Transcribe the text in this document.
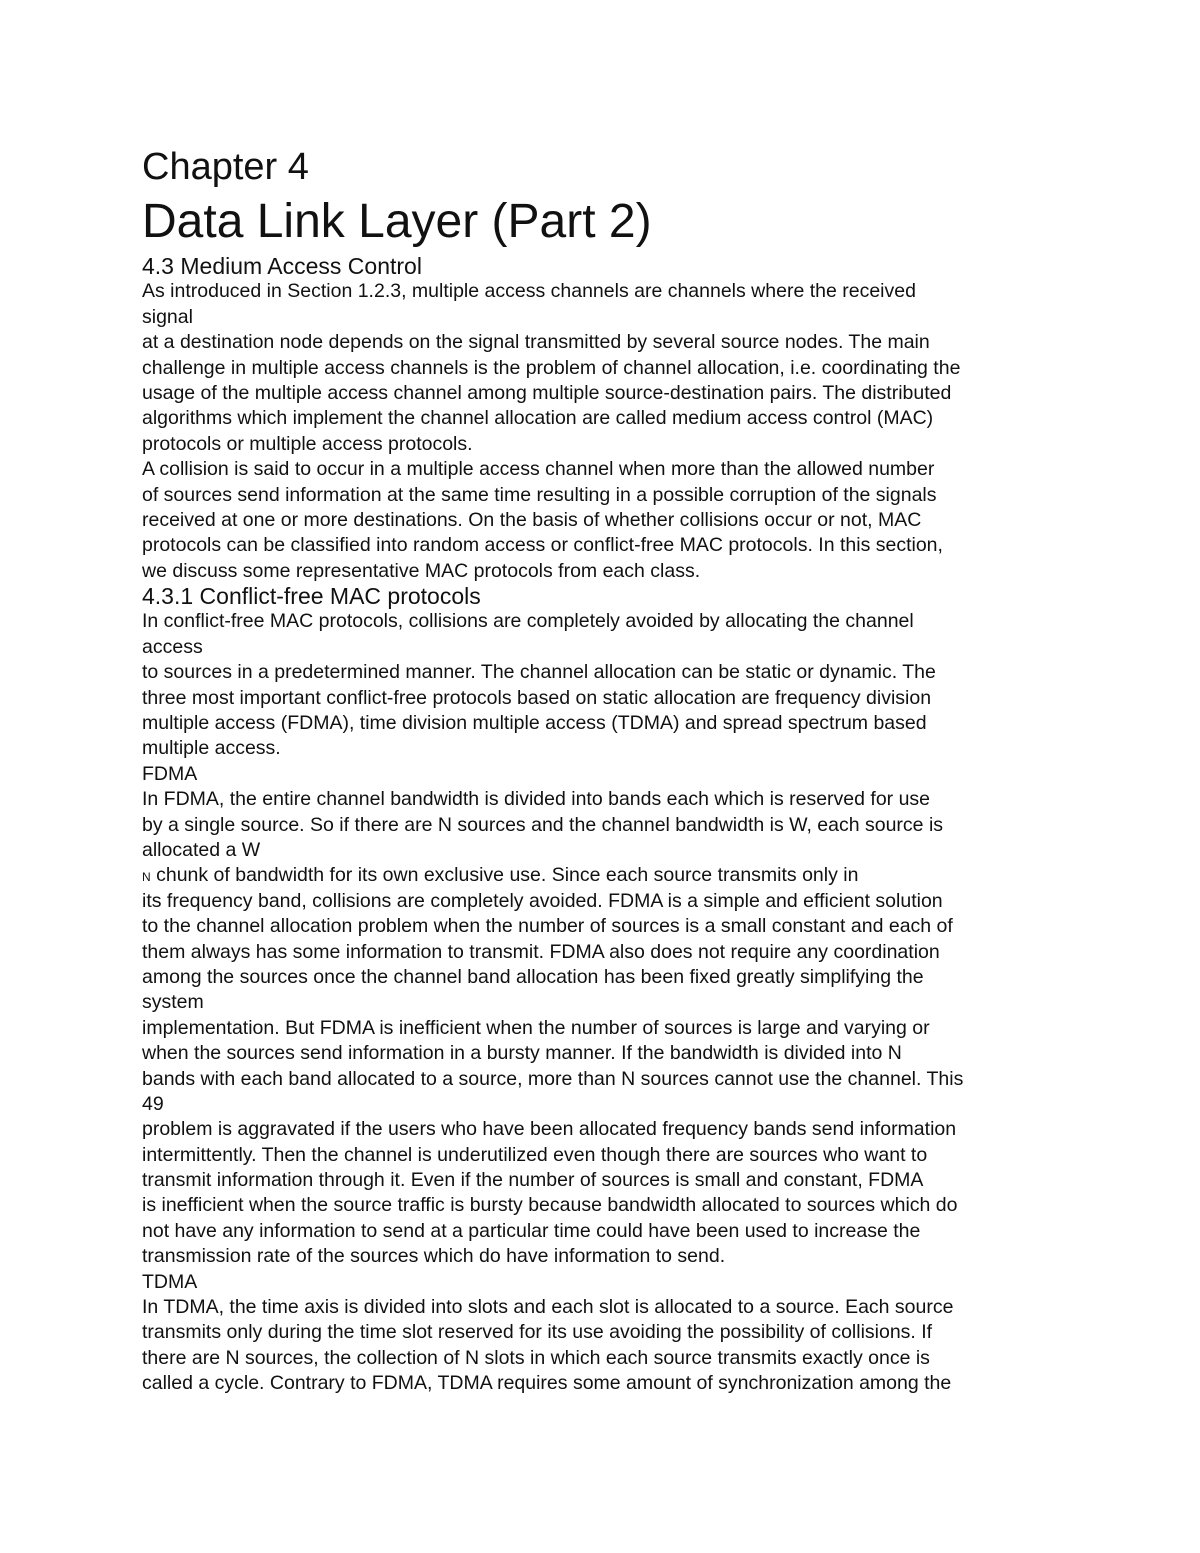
Chapter 4
Data Link Layer (Part 2)
4.3 Medium Access Control
As introduced in Section 1.2.3, multiple access channels are channels where the received
signal
at a destination node depends on the signal transmitted by several source nodes. The main
challenge in multiple access channels is the problem of channel allocation, i.e. coordinating the
usage of the multiple access channel among multiple source-destination pairs. The distributed
algorithms which implement the channel allocation are called medium access control (MAC)
protocols or multiple access protocols.
A collision is said to occur in a multiple access channel when more than the allowed number
of sources send information at the same time resulting in a possible corruption of the signals
received at one or more destinations. On the basis of whether collisions occur or not, MAC
protocols can be classified into random access or conflict-free MAC protocols. In this section,
we discuss some representative MAC protocols from each class.
4.3.1 Conflict-free MAC protocols
In conflict-free MAC protocols, collisions are completely avoided by allocating the channel
access
to sources in a predetermined manner. The channel allocation can be static or dynamic. The
three most important conflict-free protocols based on static allocation are frequency division
multiple access (FDMA), time division multiple access (TDMA) and spread spectrum based
multiple access.
FDMA
In FDMA, the entire channel bandwidth is divided into bands each which is reserved for use
by a single source. So if there are N sources and the channel bandwidth is W, each source is
allocated a W
N chunk of bandwidth for its own exclusive use. Since each source transmits only in
its frequency band, collisions are completely avoided. FDMA is a simple and efficient solution
to the channel allocation problem when the number of sources is a small constant and each of
them always has some information to transmit. FDMA also does not require any coordination
among the sources once the channel band allocation has been fixed greatly simplifying the
system
implementation. But FDMA is inefficient when the number of sources is large and varying or
when the sources send information in a bursty manner. If the bandwidth is divided into N
bands with each band allocated to a source, more than N sources cannot use the channel. This
49
problem is aggravated if the users who have been allocated frequency bands send information
intermittently. Then the channel is underutilized even though there are sources who want to
transmit information through it. Even if the number of sources is small and constant, FDMA
is inefficient when the source traffic is bursty because bandwidth allocated to sources which do
not have any information to send at a particular time could have been used to increase the
transmission rate of the sources which do have information to send.
TDMA
In TDMA, the time axis is divided into slots and each slot is allocated to a source. Each source
transmits only during the time slot reserved for its use avoiding the possibility of collisions. If
there are N sources, the collection of N slots in which each source transmits exactly once is
called a cycle. Contrary to FDMA, TDMA requires some amount of synchronization among the
